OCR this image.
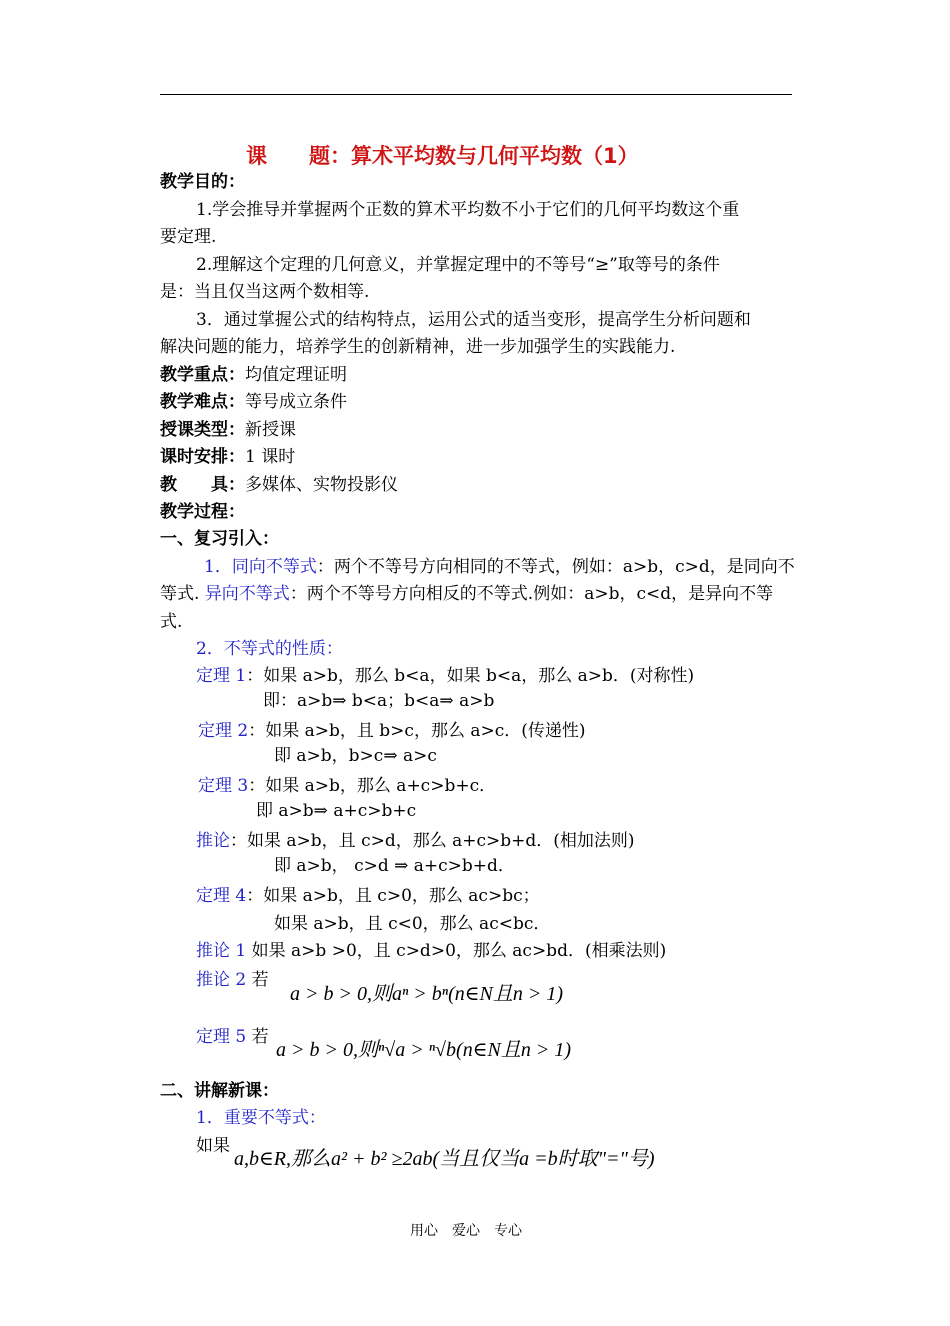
课　　题：算术平均数与几何平均数（1）
教学目的：
1.学会推导并掌握两个正数的算术平均数不小于它们的几何平均数这个重
要定理.
2.理解这个定理的几何意义，并掌握定理中的不等号“≥”取等号的条件
是：当且仅当这两个数相等.
3．通过掌握公式的结构特点，运用公式的适当变形，提高学生分析问题和
解决问题的能力，培养学生的创新精神，进一步加强学生的实践能力.
教学重点：均值定理证明
教学难点：等号成立条件
授课类型：新授课
课时安排：1 课时
教　　具：多媒体、实物投影仪
教学过程：
一、复习引入：
1．同向不等式：两个不等号方向相同的不等式，例如：a>b，c>d，是同向不
等式. 异向不等式：两个不等号方向相反的不等式.例如：a>b，c<d，是异向不等
式.
2．不等式的性质：
定理 1：如果 a>b，那么 b<a，如果 b<a，那么 a>b．(对称性)
即：a>b⇒ b<a；b<a⇒ a>b
定理 2：如果 a>b，且 b>c，那么 a>c．(传递性)
即 a>b，b>c⇒ a>c
定理 3：如果 a>b，那么 a+c>b+c．
即 a>b⇒ a+c>b+c
推论：如果 a>b，且 c>d，那么 a+c>b+d．(相加法则)
即 a>b， c>d ⇒ a+c>b+d．
定理 4：如果 a>b，且 c>0，那么 ac>bc；
如果 a>b，且 c<0，那么 ac<bc．
推论 1 如果 a>b >0，且 c>d>0，那么 ac>bd．(相乘法则)
推论 2 若
a > b > 0,则aⁿ > bⁿ(n∈N且n > 1)
定理 5 若
a > b > 0,则ⁿ√a > ⁿ√b(n∈N且n > 1)
二、讲解新课：
1．重要不等式：
如果
a,b∈R,那么a² + b² ≥2ab(当且仅当a =b时取"="号)
用心　爱心　专心
